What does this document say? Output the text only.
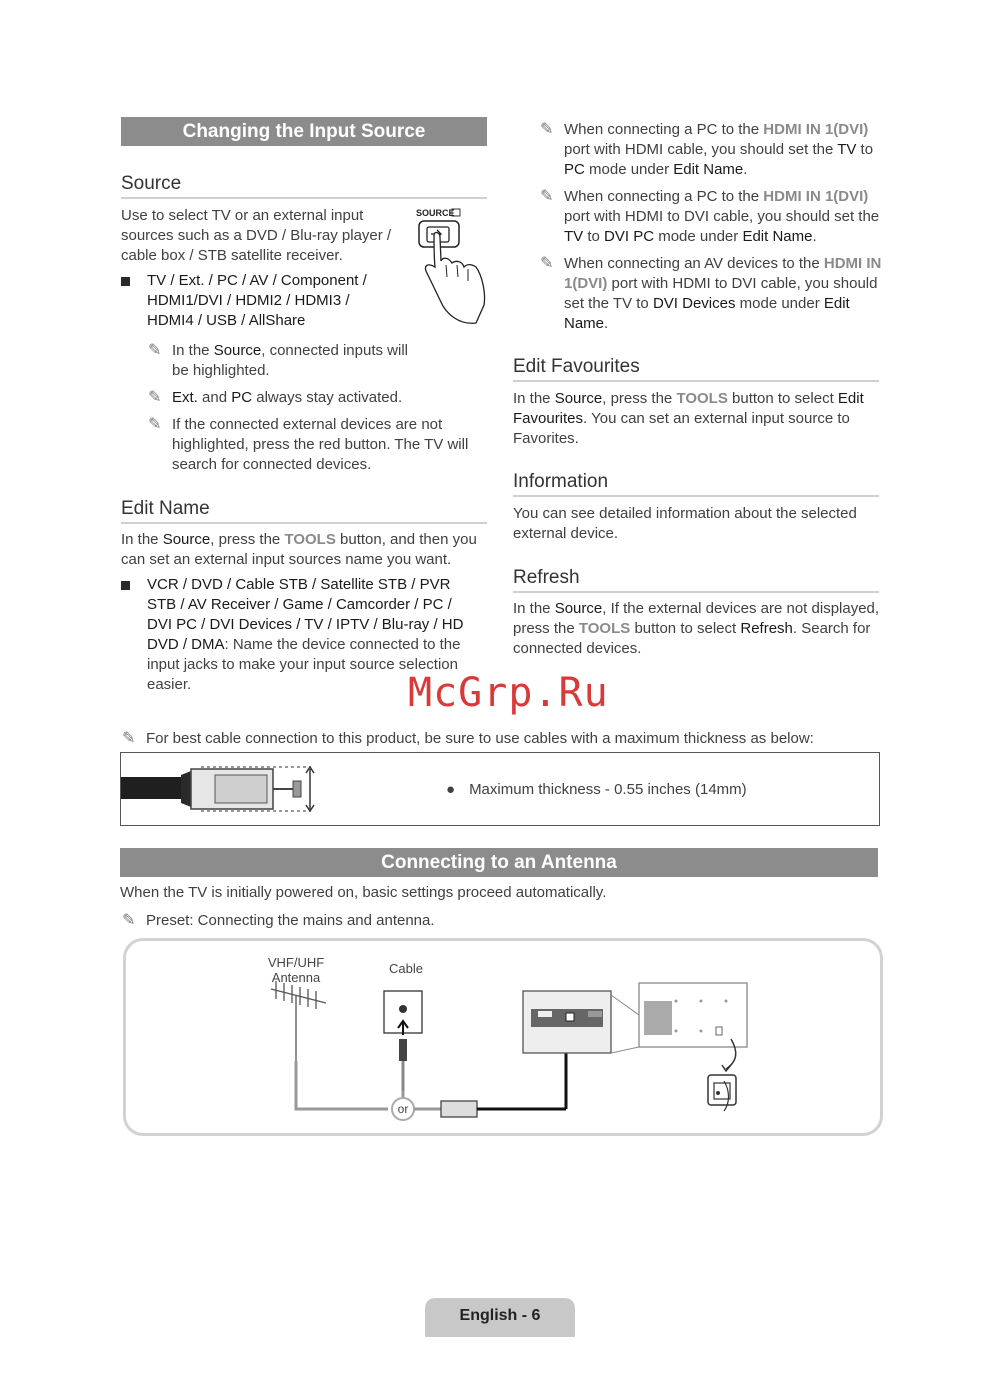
Changing the Input Source
Source
Use to select TV or an external input sources such as a DVD / Blu-ray player / cable box / STB satellite receiver.
SOURCE
TV / Ext. / PC / AV / Component / HDMI1/DVI / HDMI2 / HDMI3 / HDMI4 / USB / AllShare
✎ In the Source, connected inputs will be highlighted.
✎ Ext. and PC always stay activated.
✎ If the connected external devices are not highlighted, press the red button. The TV will search for connected devices.
Edit Name
In the Source, press the TOOLS button, and then you can set an external input sources name you want.
VCR / DVD / Cable STB / Satellite STB / PVR STB / AV Receiver / Game / Camcorder / PC / DVI PC / DVI Devices / TV / IPTV / Blu-ray / HD DVD / DMA: Name the device connected to the input jacks to make your input source selection easier.
✎ When connecting a PC to the HDMI IN 1(DVI) port with HDMI cable, you should set the TV to PC mode under Edit Name.
✎ When connecting a PC to the HDMI IN 1(DVI) port with HDMI to DVI cable, you should set the TV to DVI PC mode under Edit Name.
✎ When connecting an AV devices to the HDMI IN 1(DVI) port with HDMI to DVI cable, you should set the TV to DVI Devices mode under Edit Name.
Edit Favourites
In the Source, press the TOOLS button to select Edit Favourites. You can set an external input source to Favorites.
Information
You can see detailed information about the selected external device.
Refresh
In the Source, If the external devices are not displayed, press the TOOLS button to select Refresh. Search for connected devices.
McGrp.Ru
✎ For best cable connection to this product, be sure to use cables with a maximum thickness as below:
● Maximum thickness - 0.55 inches (14mm)
Connecting to an Antenna
When the TV is initially powered on, basic settings proceed automatically.
✎ Preset: Connecting the mains and antenna.
VHF/UHF
Antenna
Cable
or
English - 6
